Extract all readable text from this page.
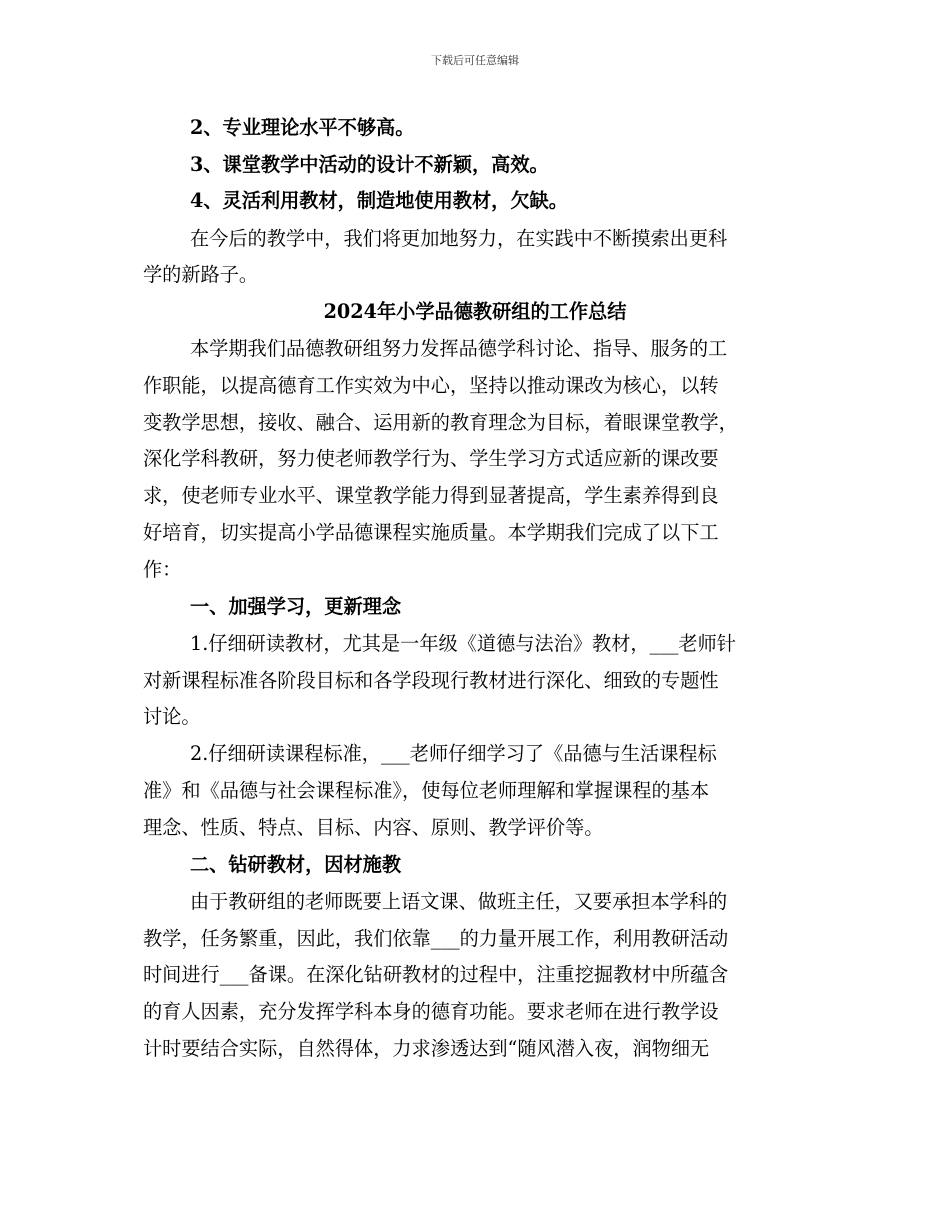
下载后可任意编辑
2、专业理论水平不够高。
3、课堂教学中活动的设计不新颖，高效。
4、灵活利用教材，制造地使用教材，欠缺。
在今后的教学中，我们将更加地努力，在实践中不断摸索出更科
学的新路子。
2024年小学品德教研组的工作总结
本学期我们品德教研组努力发挥品德学科讨论、指导、服务的工
作职能，以提高德育工作实效为中心，坚持以推动课改为核心，以转
变教学思想，接收、融合、运用新的教育理念为目标，着眼课堂教学，
深化学科教研，努力使老师教学行为、学生学习方式适应新的课改要
求，使老师专业水平、课堂教学能力得到显著提高，学生素养得到良
好培育，切实提高小学品德课程实施质量。本学期我们完成了以下工
作：
一、加强学习，更新理念
1.仔细研读教材，尤其是一年级《道德与法治》教材，___老师针
对新课程标准各阶段目标和各学段现行教材进行深化、细致的专题性
讨论。
2.仔细研读课程标准，___老师仔细学习了《品德与生活课程标
准》和《品德与社会课程标准》，使每位老师理解和掌握课程的基本
理念、性质、特点、目标、内容、原则、教学评价等。
二、钻研教材，因材施教
由于教研组的老师既要上语文课、做班主任，又要承担本学科的
教学，任务繁重，因此，我们依靠___的力量开展工作，利用教研活动
时间进行___备课。在深化钻研教材的过程中，注重挖掘教材中所蕴含
的育人因素，充分发挥学科本身的德育功能。要求老师在进行教学设
计时要结合实际，自然得体，力求渗透达到“随风潜入夜，润物细无
